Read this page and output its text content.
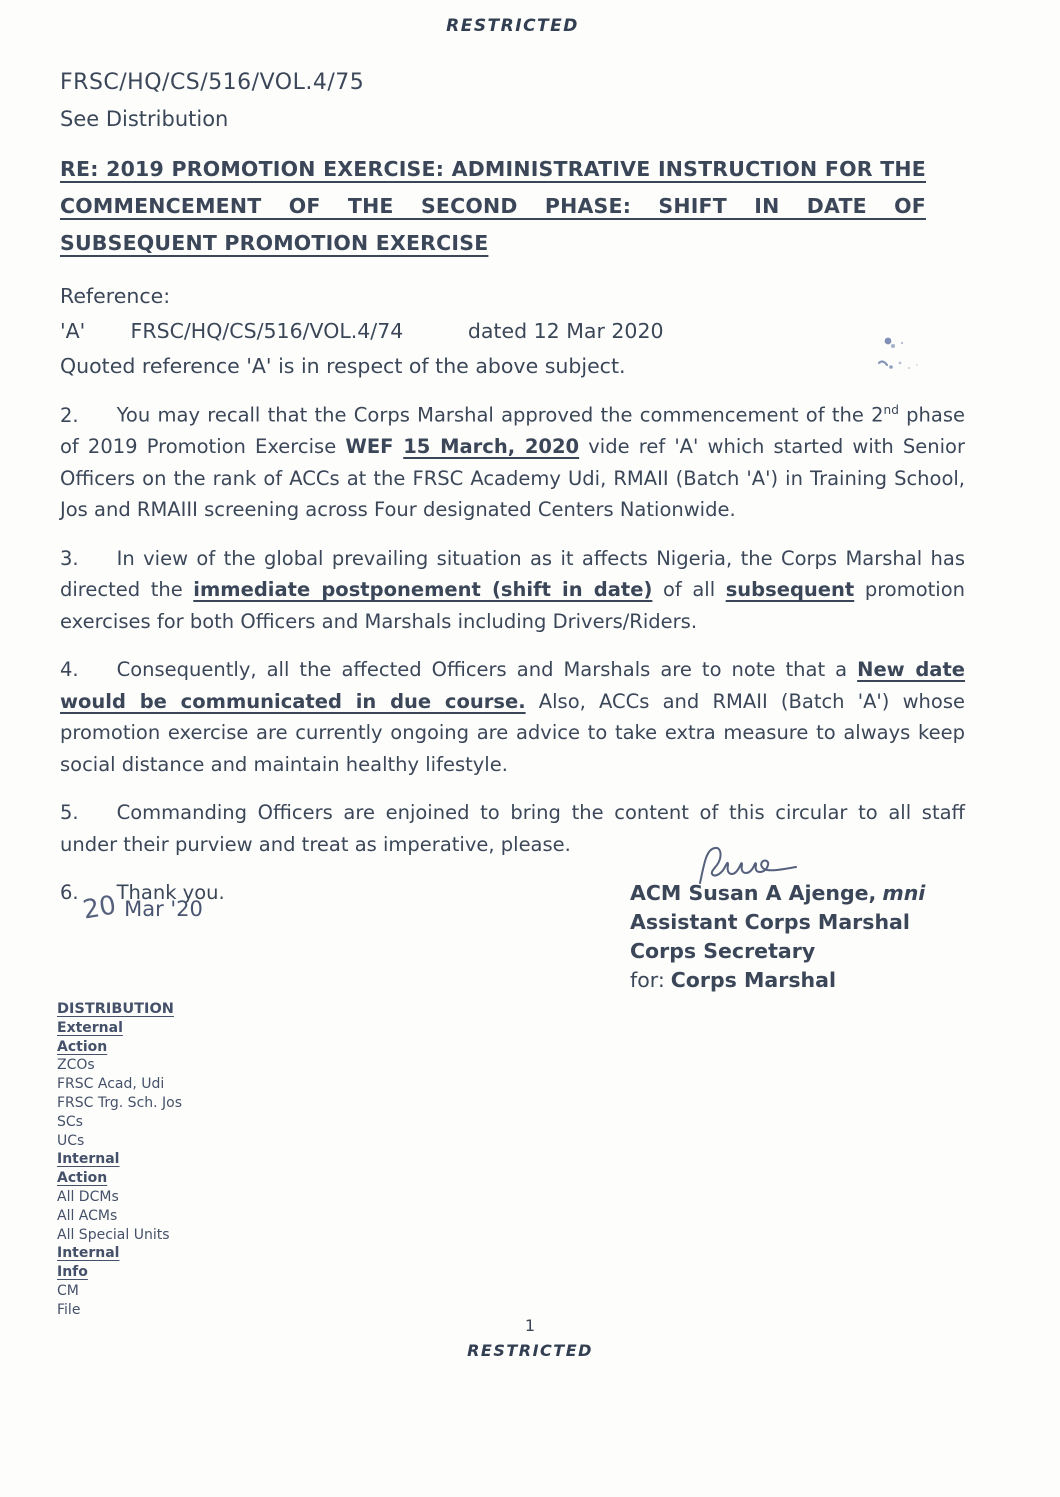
RESTRICTED
FRSC/HQ/CS/516/VOL.4/75
See Distribution
RE: 2019 PROMOTION EXERCISE: ADMINISTRATIVE INSTRUCTION FOR THE COMMENCEMENT OF THE SECOND PHASE: SHIFT IN DATE OF SUBSEQUENT PROMOTION EXERCISE
Reference:
'A' FRSC/HQ/CS/516/VOL.4/74	dated 12 Mar 2020
Quoted reference 'A' is in respect of the above subject.
2. You may recall that the Corps Marshal approved the commencement of the 2nd phase of 2019 Promotion Exercise WEF 15 March, 2020 vide ref 'A' which started with Senior Officers on the rank of ACCs at the FRSC Academy Udi, RMAII (Batch 'A') in Training School, Jos and RMAIII screening across Four designated Centers Nationwide.
3. In view of the global prevailing situation as it affects Nigeria, the Corps Marshal has directed the immediate postponement (shift in date) of all subsequent promotion exercises for both Officers and Marshals including Drivers/Riders.
4. Consequently, all the affected Officers and Marshals are to note that a New date would be communicated in due course. Also, ACCs and RMAII (Batch 'A') whose promotion exercise are currently ongoing are advice to take extra measure to always keep social distance and maintain healthy lifestyle.
5. Commanding Officers are enjoined to bring the content of this circular to all staff under their purview and treat as imperative, please.
6. Thank you.
20 Mar '20
ACM Susan A Ajenge, mni
Assistant Corps Marshal
Corps Secretary
for: Corps Marshal
DISTRIBUTION
External
Action
ZCOs
FRSC Acad, Udi
FRSC Trg. Sch. Jos
SCs
UCs
Internal
Action
All DCMs
All ACMs
All Special Units
Internal
Info
CM
File
1
RESTRICTED
